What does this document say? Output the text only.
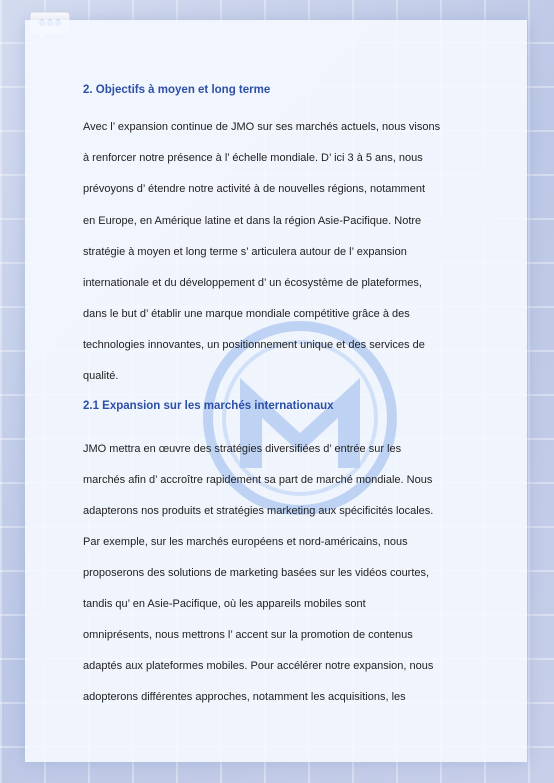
2. Objectifs à moyen et long terme

Avec l’ expansion continue de JMO sur ses marchés actuels, nous visons

à renforcer notre présence à l’ échelle mondiale. D’ ici 3 à 5 ans, nous

prévoyons d’ étendre notre activité à de nouvelles régions, notamment

en Europe, en Amérique latine et dans la région Asie-Pacifique. Notre

stratégie à moyen et long terme s’ articulera autour de l’ expansion

internationale et du développement d’ un écosystème de plateformes,

dans le but d’ établir une marque mondiale compétitive grâce à des

technologies innovantes, un positionnement unique et des services de

qualité.

2.1 Expansion sur les marchés internationaux

JMO mettra en œuvre des stratégies diversifiées d’ entrée sur les

marchés afin d’ accroître rapidement sa part de marché mondiale. Nous

adapterons nos produits et stratégies marketing aux spécificités locales.

Par exemple, sur les marchés européens et nord-américains, nous

proposerons des solutions de marketing basées sur les vidéos courtes,

tandis qu’ en Asie-Pacifique, où les appareils mobiles sont

omniprésents, nous mettrons l’ accent sur la promotion de contenus

adaptés aux plateformes mobiles. Pour accélérer notre expansion, nous

adopterons différentes approches, notamment les acquisitions, les
